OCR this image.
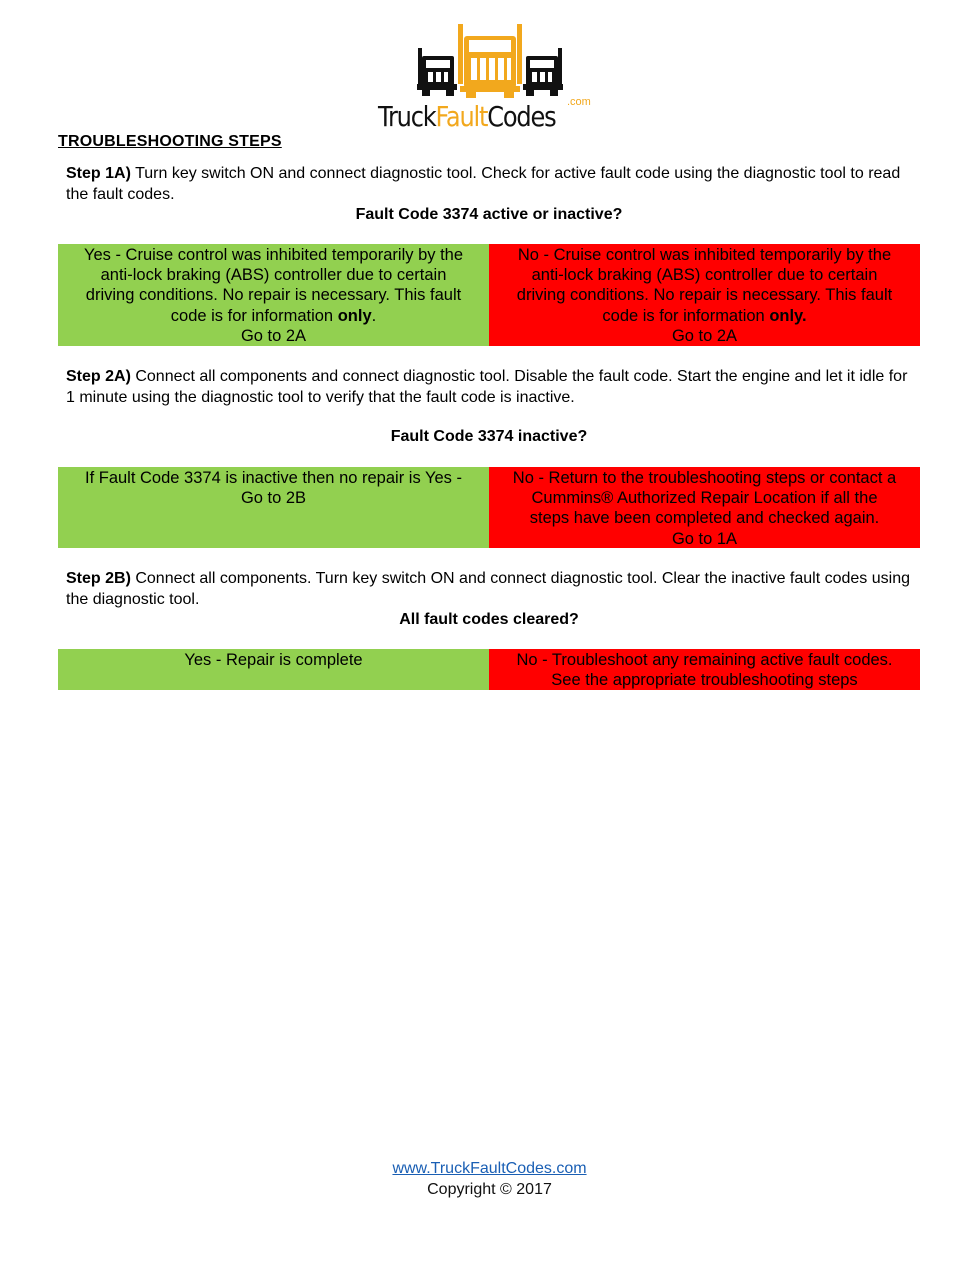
TruckFaultCodes	.com
TROUBLESHOOTING STEPS
Step 1A) Turn key switch ON and connect diagnostic tool. Check for active fault code using the diagnostic tool to read the fault codes.
Fault Code 3374 active or inactive?
Yes - Cruise control was inhibited temporarily by the
anti-lock braking (ABS) controller due to certain
driving conditions. No repair is necessary. This fault
code is for information only.
Go to 2A
No - Cruise control was inhibited temporarily by the
anti-lock braking (ABS) controller due to certain
driving conditions. No repair is necessary. This fault
code is for information only.
Go to 2A
Step 2A) Connect all components and connect diagnostic tool. Disable the fault code. Start the engine and let it idle for 1 minute using the diagnostic tool to verify that the fault code is inactive.
Fault Code 3374 inactive?
If Fault Code 3374 is inactive then no repair is Yes -
Go to 2B
No - Return to the troubleshooting steps or contact a
Cummins® Authorized Repair Location if all the
steps have been completed and checked again.
Go to 1A
Step 2B) Connect all components. Turn key switch ON and connect diagnostic tool. Clear the inactive fault codes using the diagnostic tool.
All fault codes cleared?
Yes - Repair is complete	No - Troubleshoot any remaining active fault codes.
See the appropriate troubleshooting steps
www.TruckFaultCodes.com
Copyright © 2017
